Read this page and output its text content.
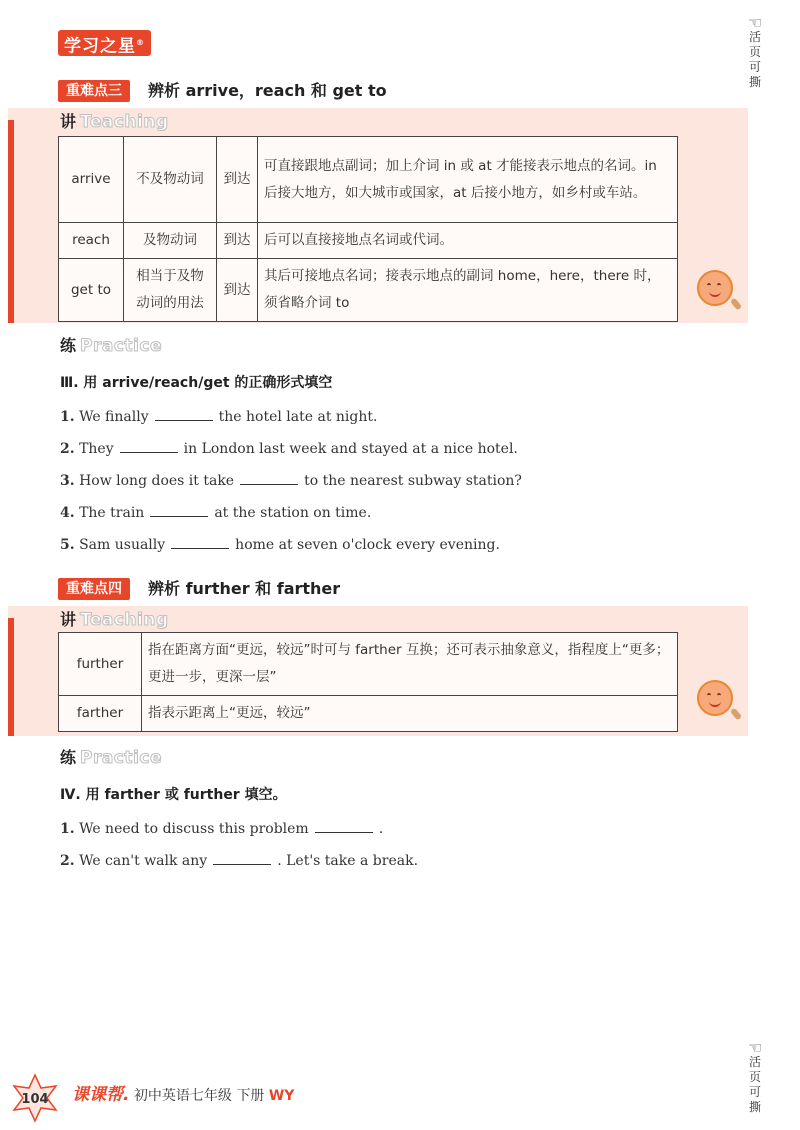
学习之星®
☜
活页可撕
重难点三	辨析 arrive，reach 和 get to
讲 Teaching
arrive	不及物动词	到达	可直接跟地点副词；加上介词 in 或 at 才能接表示地点的名词。in 后接大地方，如大城市或国家，at 后接小地方，如乡村或车站。
reach	及物动词	到达	后可以直接接地点名词或代词。
get to	相当于及物动词的用法	到达	其后可接地点名词；接表示地点的副词 home，here，there 时，须省略介词 to
练 Practice
Ⅲ. 用 arrive/reach/get 的正确形式填空
1. We finally	the hotel late at night.
2. They	in London last week and stayed at a nice hotel.
3. How long does it take	to the nearest subway station?
4. The train	at the station on time.
5. Sam usually	home at seven o'clock every evening.
重难点四	辨析 further 和 farther
讲 Teaching
further	指在距离方面“更远，较远”时可与 farther 互换；还可表示抽象意义，指程度上“更多；更进一步，更深一层”
farther	指表示距离上“更远，较远”
练 Practice
Ⅳ. 用 farther 或 further 填空。
1. We need to discuss this problem	.
2. We can't walk any	. Let's take a break.
☜
活页可撕
104 课课帮. 初中英语七年级 下册 WY
